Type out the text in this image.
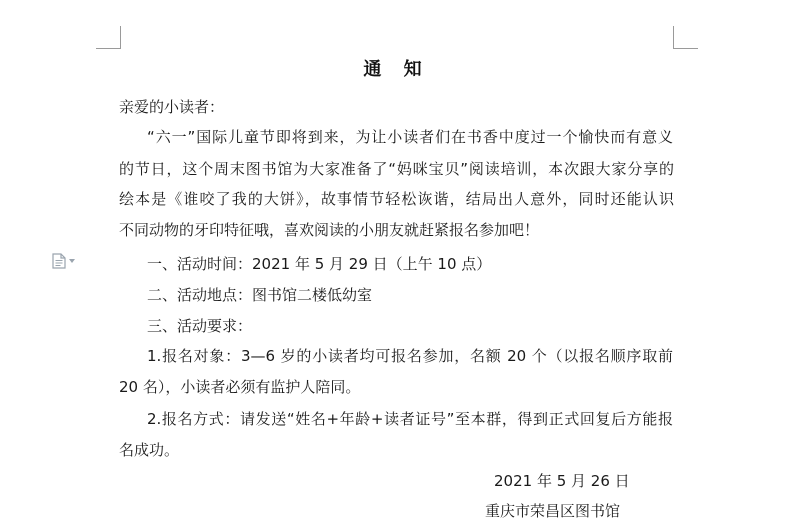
通 知
亲爱的小读者：
“六一”国际儿童节即将到来，为让小读者们在书香中度过一个愉快而有意义
的节日，这个周末图书馆为大家准备了“妈咪宝贝”阅读培训，本次跟大家分享的
绘本是《谁咬了我的大饼》，故事情节轻松诙谐，结局出人意外，同时还能认识
不同动物的牙印特征哦，喜欢阅读的小朋友就赶紧报名参加吧！
一、活动时间：2021 年 5 月 29 日（上午 10 点）
二、活动地点：图书馆二楼低幼室
三、活动要求：
1.报名对象：3—6 岁的小读者均可报名参加，名额 20 个（以报名顺序取前
20 名），小读者必须有监护人陪同。
2.报名方式：请发送“姓名+年龄+读者证号”至本群，得到正式回复后方能报
名成功。
2021 年 5 月 26 日
重庆市荣昌区图书馆
